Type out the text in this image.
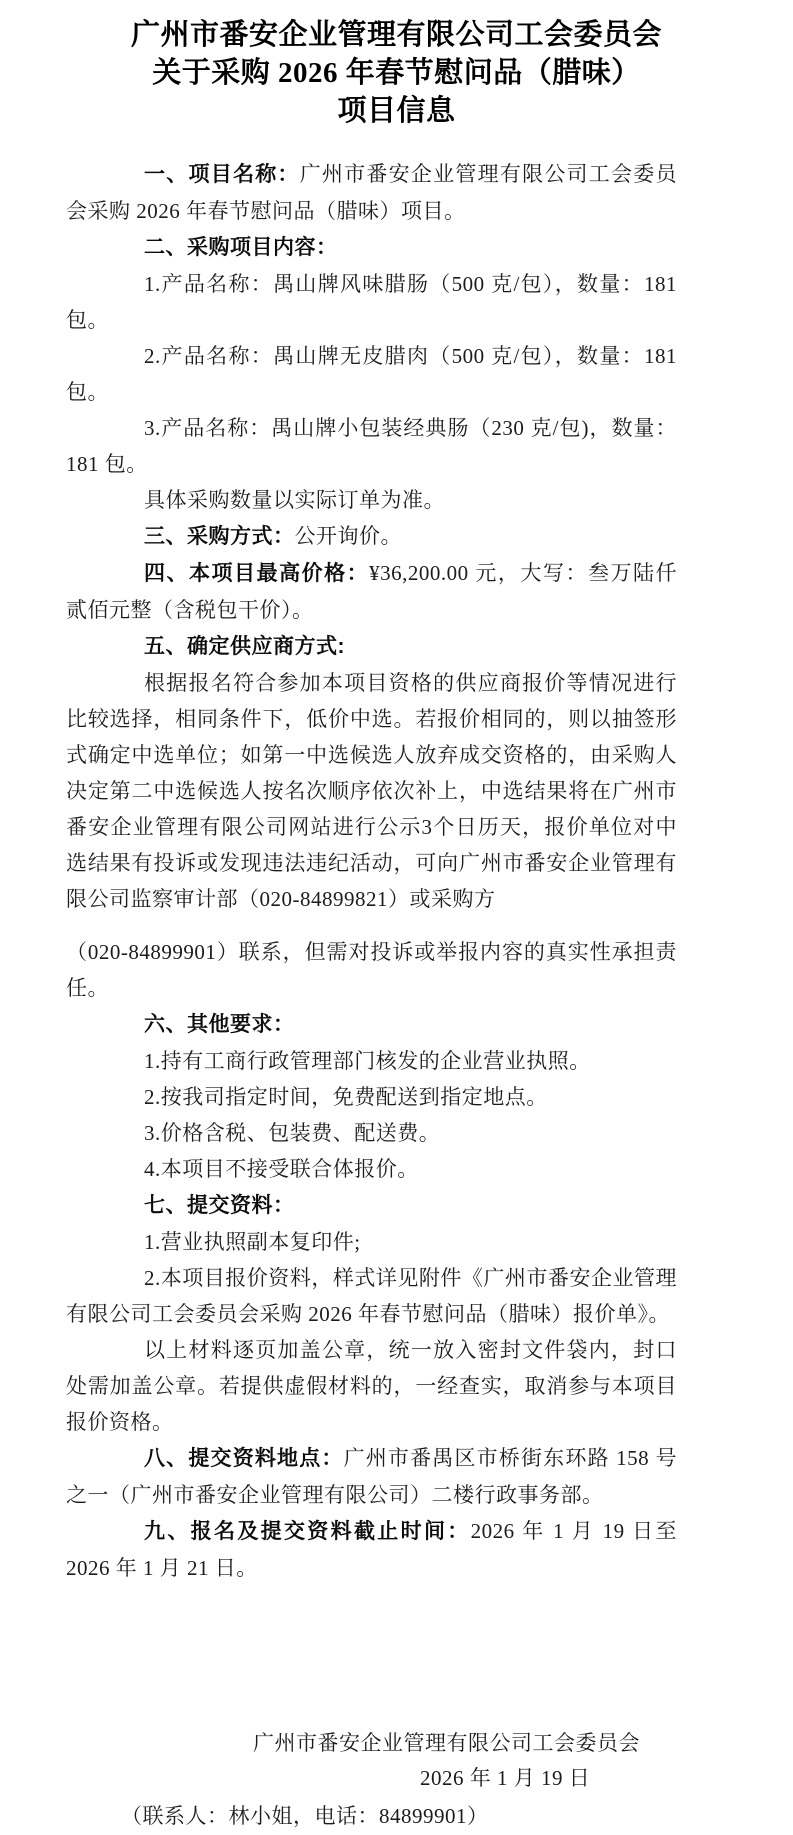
广州市番安企业管理有限公司工会委员会
关于采购 2026 年春节慰问品（腊味）
项目信息

一、项目名称：广州市番安企业管理有限公司工会委员会采购 2026 年春节慰问品（腊味）项目。

二、采购项目内容：

1.产品名称：禺山牌风味腊肠（500 克/包），数量：181 包。

2.产品名称：禺山牌无皮腊肉（500 克/包），数量：181 包。

3.产品名称：禺山牌小包装经典肠（230 克/包)，数量：181 包。

具体采购数量以实际订单为准。

三、采购方式：公开询价。

四、本项目最高价格：¥36,200.00 元，大写：叁万陆仟贰佰元整（含税包干价）。

五、确定供应商方式:

根据报名符合参加本项目资格的供应商报价等情况进行比较选择，相同条件下，低价中选。若报价相同的，则以抽签形式确定中选单位；如第一中选候选人放弃成交资格的，由采购人决定第二中选候选人按名次顺序依次补上，中选结果将在广州市番安企业管理有限公司网站进行公示3个日历天，报价单位对中选结果有投诉或发现违法违纪活动，可向广州市番安企业管理有限公司监察审计部（020-84899821）或采购方

（020-84899901）联系，但需对投诉或举报内容的真实性承担责任。

六、其他要求：

1.持有工商行政管理部门核发的企业营业执照。

2.按我司指定时间，免费配送到指定地点。

3.价格含税、包装费、配送费。

4.本项目不接受联合体报价。

七、提交资料：

1.营业执照副本复印件;

2.本项目报价资料，样式详见附件《广州市番安企业管理有限公司工会委员会采购 2026 年春节慰问品（腊味）报价单》。

以上材料逐页加盖公章，统一放入密封文件袋内，封口处需加盖公章。若提供虚假材料的，一经查实，取消参与本项目报价资格。

八、提交资料地点：广州市番禺区市桥街东环路 158 号之一（广州市番安企业管理有限公司）二楼行政事务部。

九、报名及提交资料截止时间：2026 年 1 月 19 日至 2026 年 1 月 21 日。

广州市番安企业管理有限公司工会委员会
2026 年 1 月 19 日
（联系人：林小姐，电话：84899901）
